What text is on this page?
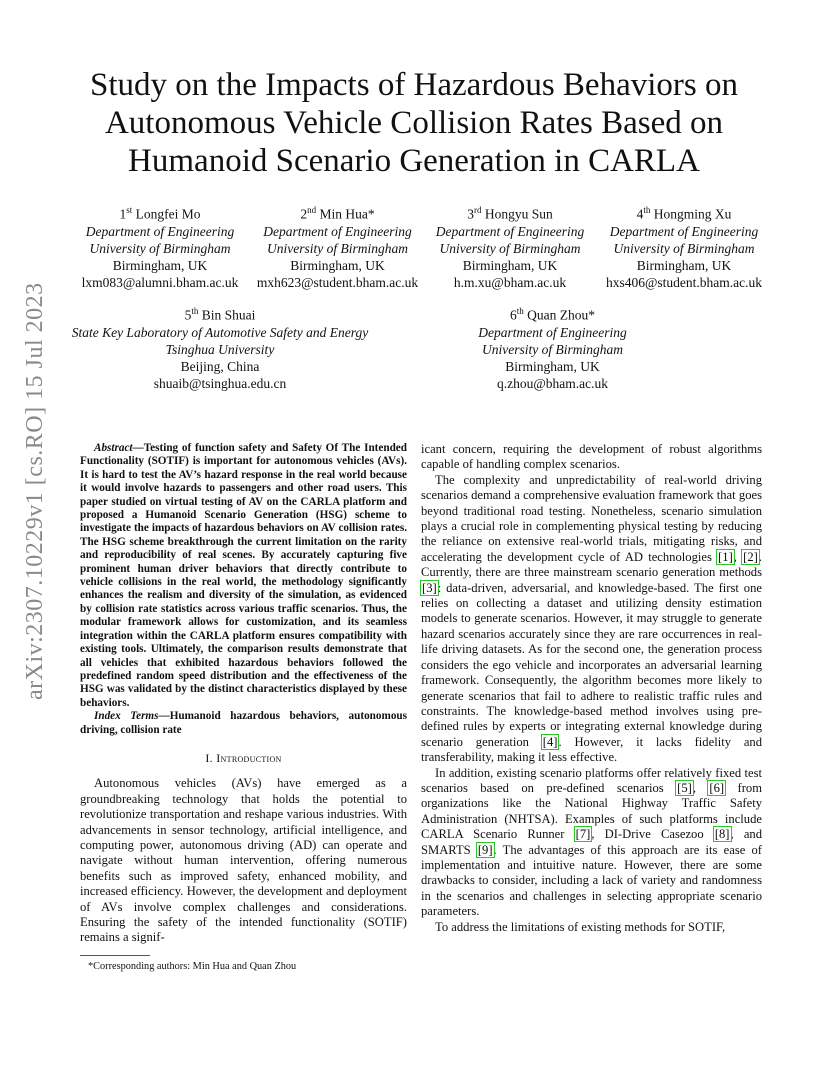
arXiv:2307.10229v1 [cs.RO] 15 Jul 2023
Study on the Impacts of Hazardous Behaviors on Autonomous Vehicle Collision Rates Based on Humanoid Scenario Generation in CARLA
1st Longfei Mo
Department of Engineering
University of Birmingham
Birmingham, UK
lxm083@alumni.bham.ac.uk
2nd Min Hua*
Department of Engineering
University of Birmingham
Birmingham, UK
mxh623@student.bham.ac.uk
3rd Hongyu Sun
Department of Engineering
University of Birmingham
Birmingham, UK
h.m.xu@bham.ac.uk
4th Hongming Xu
Department of Engineering
University of Birmingham
Birmingham, UK
hxs406@student.bham.ac.uk
5th Bin Shuai
State Key Laboratory of Automotive Safety and Energy
Tsinghua University
Beijing, China
shuaib@tsinghua.edu.cn
6th Quan Zhou*
Department of Engineering
University of Birmingham
Birmingham, UK
q.zhou@bham.ac.uk

Abstract—Testing of function safety and Safety Of The Intended Functionality (SOTIF) is important for autonomous vehicles (AVs). It is hard to test the AV’s hazard response in the real world because it would involve hazards to passengers and other road users. This paper studied on virtual testing of AV on the CARLA platform and proposed a Humanoid Scenario Generation (HSG) scheme to investigate the impacts of hazardous behaviors on AV collision rates. The HSG scheme breakthrough the current limitation on the rarity and reproducibility of real scenes. By accurately capturing five prominent human driver behaviors that directly contribute to vehicle collisions in the real world, the methodology significantly enhances the realism and diversity of the simulation, as evidenced by collision rate statistics across various traffic scenarios. Thus, the modular framework allows for customization, and its seamless integration within the CARLA platform ensures compatibility with existing tools. Ultimately, the comparison results demonstrate that all vehicles that exhibited hazardous behaviors followed the predefined random speed distribution and the effectiveness of the HSG was validated by the distinct characteristics displayed by these behaviors.

Index Terms—Humanoid hazardous behaviors, autonomous driving, collision rate

I. Introduction

Autonomous vehicles (AVs) have emerged as a groundbreaking technology that holds the potential to revolutionize transportation and reshape various industries. With advancements in sensor technology, artificial intelligence, and computing power, autonomous driving (AD) can operate and navigate without human intervention, offering numerous benefits such as improved safety, enhanced mobility, and increased efficiency. However, the development and deployment of AVs involve complex challenges and considerations. Ensuring the safety of the intended functionality (SOTIF) remains a signif-

*Corresponding authors: Min Hua and Quan Zhou

icant concern, requiring the development of robust algorithms capable of handling complex scenarios.

The complexity and unpredictability of real-world driving scenarios demand a comprehensive evaluation framework that goes beyond traditional road testing. Nonetheless, scenario simulation plays a crucial role in complementing physical testing by reducing the reliance on extensive real-world trials, mitigating risks, and accelerating the development cycle of AD technologies [1], [2]. Currently, there are three mainstream scenario generation methods [3]: data-driven, adversarial, and knowledge-based. The first one relies on collecting a dataset and utilizing density estimation models to generate scenarios. However, it may struggle to generate hazard scenarios accurately since they are rare occurrences in real-life driving datasets. As for the second one, the generation process considers the ego vehicle and incorporates an adversarial learning framework. Consequently, the algorithm becomes more likely to generate scenarios that fail to adhere to realistic traffic rules and constraints. The knowledge-based method involves using pre-defined rules by experts or integrating external knowledge during scenario generation [4]. However, it lacks fidelity and transferability, making it less effective.

In addition, existing scenario platforms offer relatively fixed test scenarios based on pre-defined scenarios [5], [6] from organizations like the National Highway Traffic Safety Administration (NHTSA). Examples of such platforms include CARLA Scenario Runner [7], DI-Drive Casezoo [8], and SMARTS [9]. The advantages of this approach are its ease of implementation and intuitive nature. However, there are some drawbacks to consider, including a lack of variety and randomness in the scenarios and challenges in selecting appropriate scenario parameters.

To address the limitations of existing methods for SOTIF,
